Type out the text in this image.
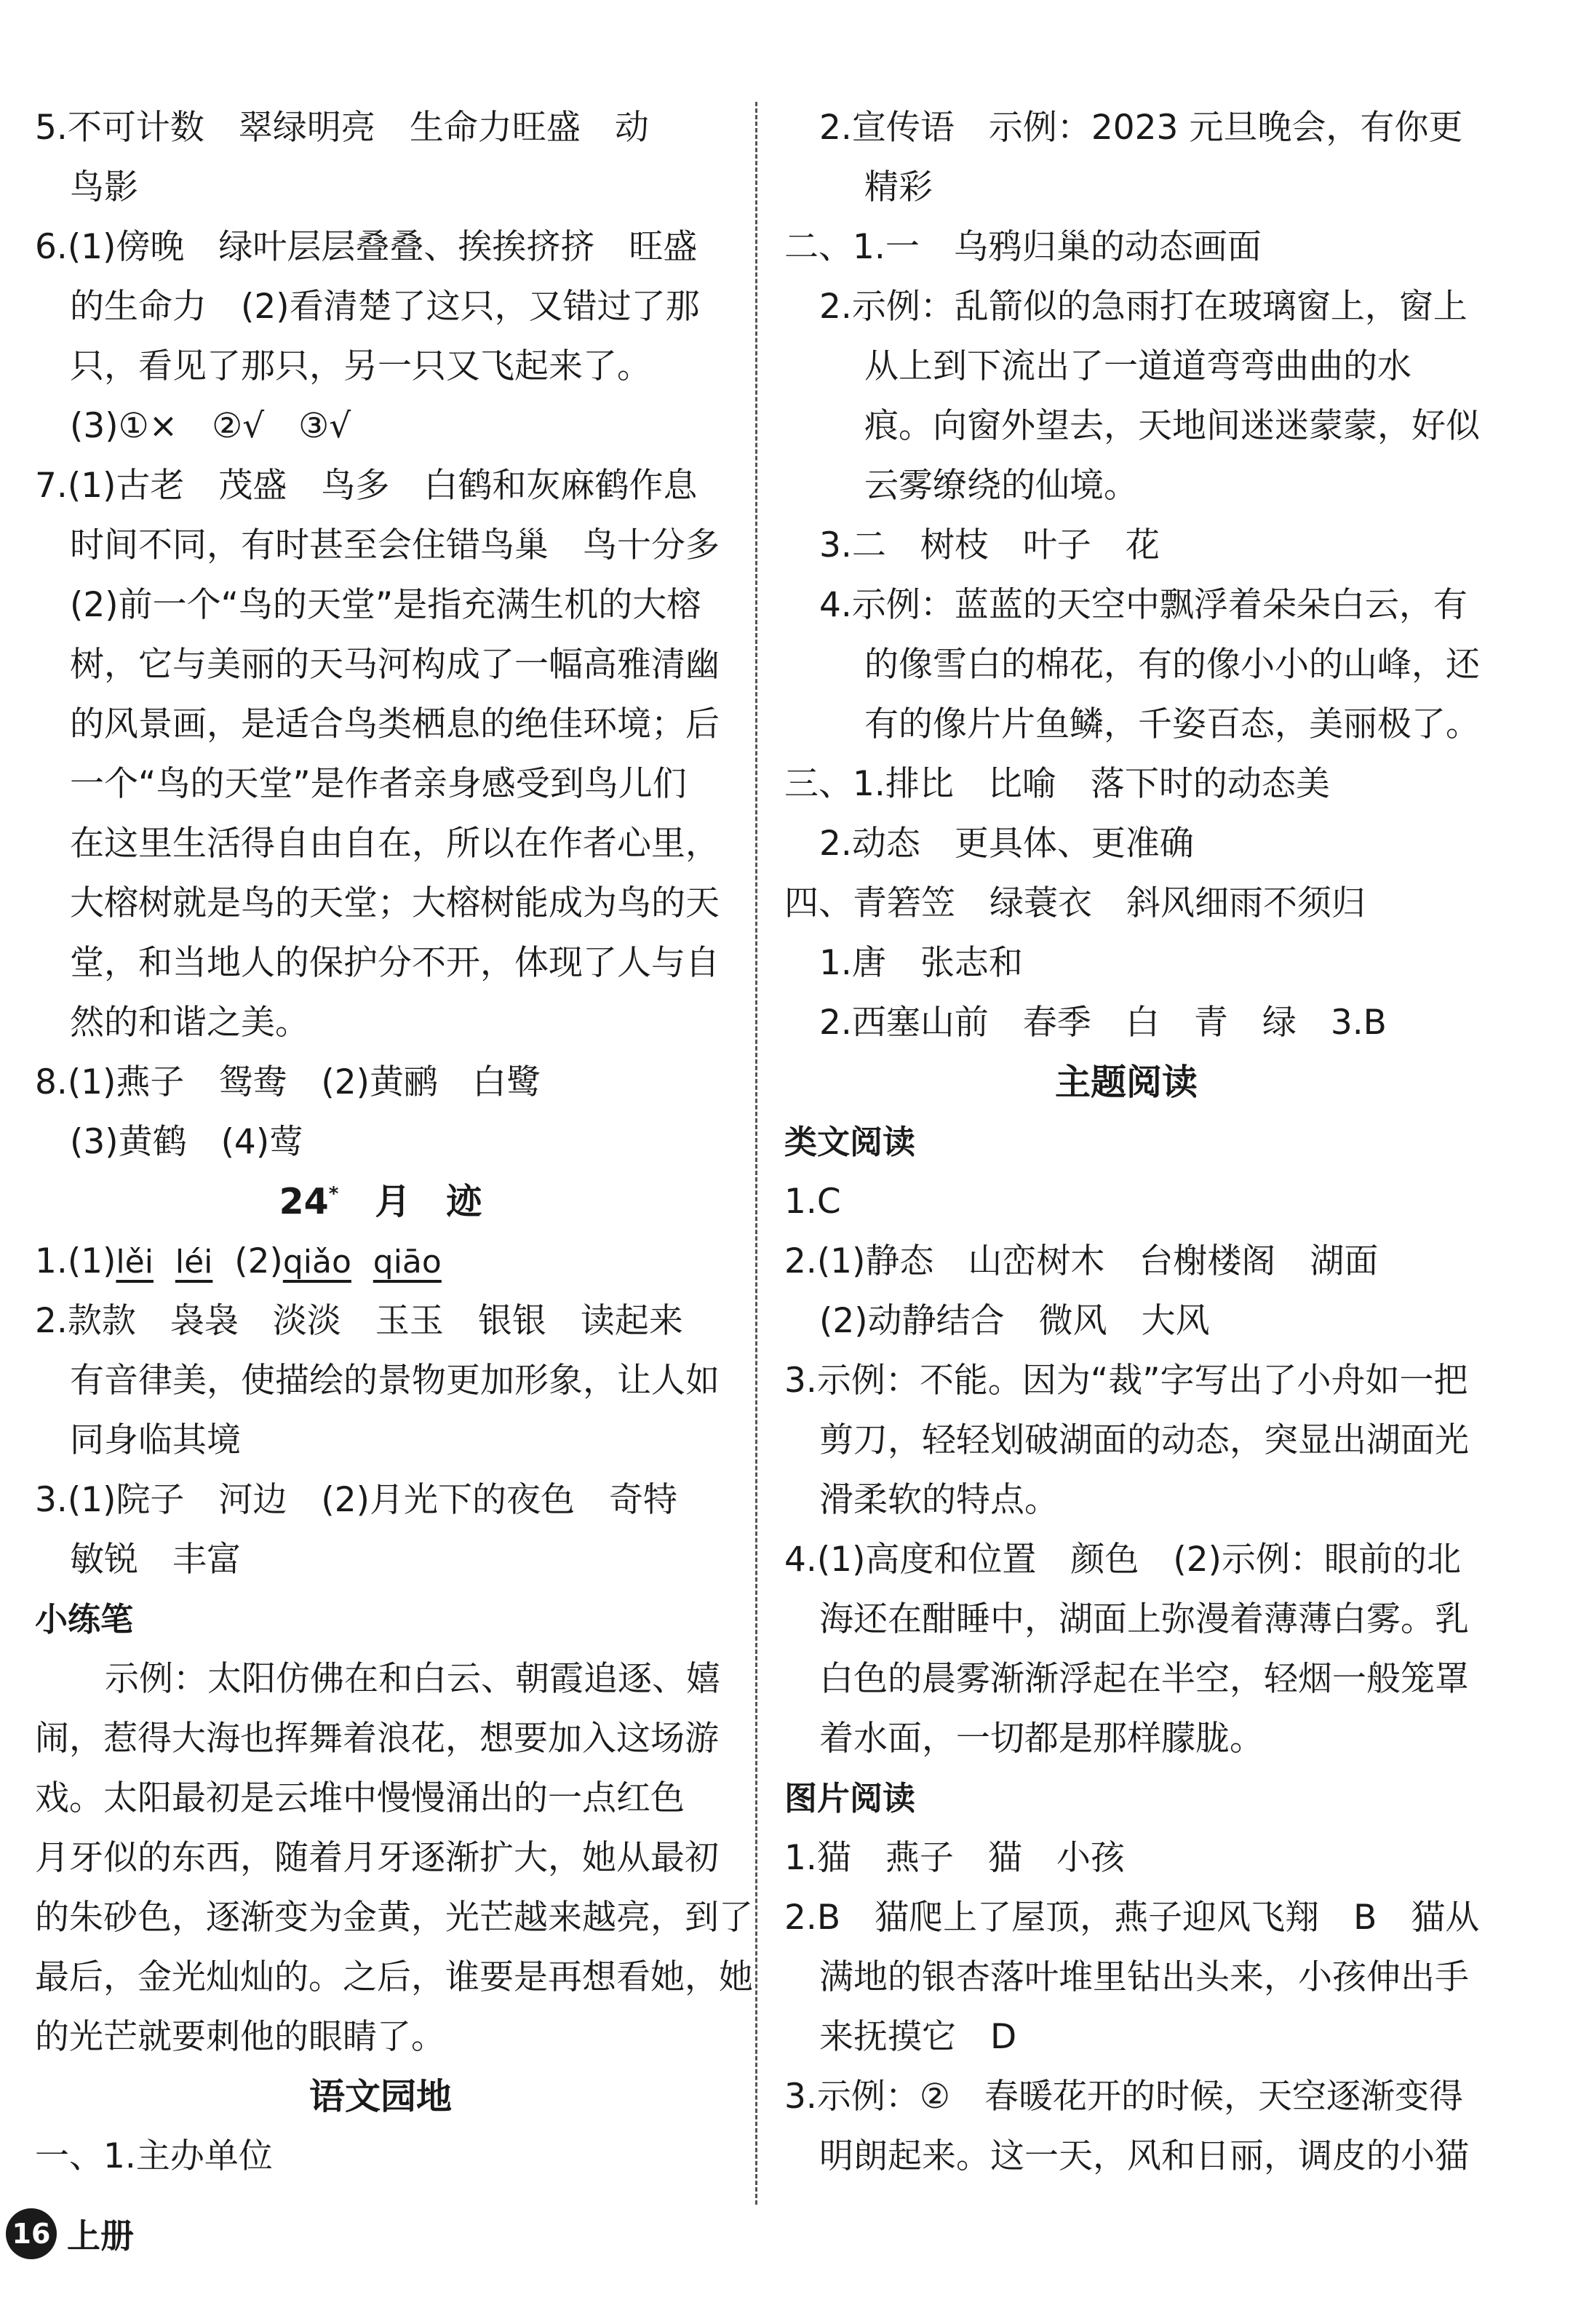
5.不可计数　翠绿明亮　生命力旺盛　动
鸟影
6.(1)傍晚　绿叶层层叠叠、挨挨挤挤　旺盛
的生命力　(2)看清楚了这只，又错过了那
只，看见了那只，另一只又飞起来了。
(3)①×　②√　③√
7.(1)古老　茂盛　鸟多　白鹤和灰麻鹤作息
时间不同，有时甚至会住错鸟巢　鸟十分多
(2)前一个“鸟的天堂”是指充满生机的大榕
树，它与美丽的天马河构成了一幅高雅清幽
的风景画，是适合鸟类栖息的绝佳环境；后
一个“鸟的天堂”是作者亲身感受到鸟儿们
在这里生活得自由自在，所以在作者心里，
大榕树就是鸟的天堂；大榕树能成为鸟的天
堂，和当地人的保护分不开，体现了人与自
然的和谐之美。
8.(1)燕子　鸳鸯　(2)黄鹂　白鹭
(3)黄鹤　(4)莺
24* 月　迹
1.(1)lěi léi (2)qiǎo qiāo
2.款款　袅袅　淡淡　玉玉　银银　读起来
有音律美，使描绘的景物更加形象，让人如
同身临其境
3.(1)院子　河边　(2)月光下的夜色　奇特
敏锐　丰富
小练笔
示例：太阳仿佛在和白云、朝霞追逐、嬉
闹，惹得大海也挥舞着浪花，想要加入这场游
戏。太阳最初是云堆中慢慢涌出的一点红色
月牙似的东西，随着月牙逐渐扩大，她从最初
的朱砂色，逐渐变为金黄，光芒越来越亮，到了
最后，金光灿灿的。之后，谁要是再想看她，她
的光芒就要刺他的眼睛了。
语文园地
一、1.主办单位
2.宣传语　示例：2023 元旦晚会，有你更
精彩
二、1.一　乌鸦归巢的动态画面
2.示例：乱箭似的急雨打在玻璃窗上，窗上
从上到下流出了一道道弯弯曲曲的水
痕。向窗外望去，天地间迷迷蒙蒙，好似
云雾缭绕的仙境。
3.二　树枝　叶子　花
4.示例：蓝蓝的天空中飘浮着朵朵白云，有
的像雪白的棉花，有的像小小的山峰，还
有的像片片鱼鳞，千姿百态，美丽极了。
三、1.排比　比喻　落下时的动态美
2.动态　更具体、更准确
四、青箬笠　绿蓑衣　斜风细雨不须归
1.唐　张志和
2.西塞山前　春季　白　青　绿　3.B
主题阅读
类文阅读
1.C
2.(1)静态　山峦树木　台榭楼阁　湖面
(2)动静结合　微风　大风
3.示例：不能。因为“裁”字写出了小舟如一把
剪刀，轻轻划破湖面的动态，突显出湖面光
滑柔软的特点。
4.(1)高度和位置　颜色　(2)示例：眼前的北
海还在酣睡中，湖面上弥漫着薄薄白雾。乳
白色的晨雾渐渐浮起在半空，轻烟一般笼罩
着水面，一切都是那样朦胧。
图片阅读
1.猫　燕子　猫　小孩
2.B　猫爬上了屋顶，燕子迎风飞翔　B　猫从
满地的银杏落叶堆里钻出头来，小孩伸出手
来抚摸它　D
3.示例：②　春暖花开的时候，天空逐渐变得
明朗起来。这一天，风和日丽，调皮的小猫
16 上册
